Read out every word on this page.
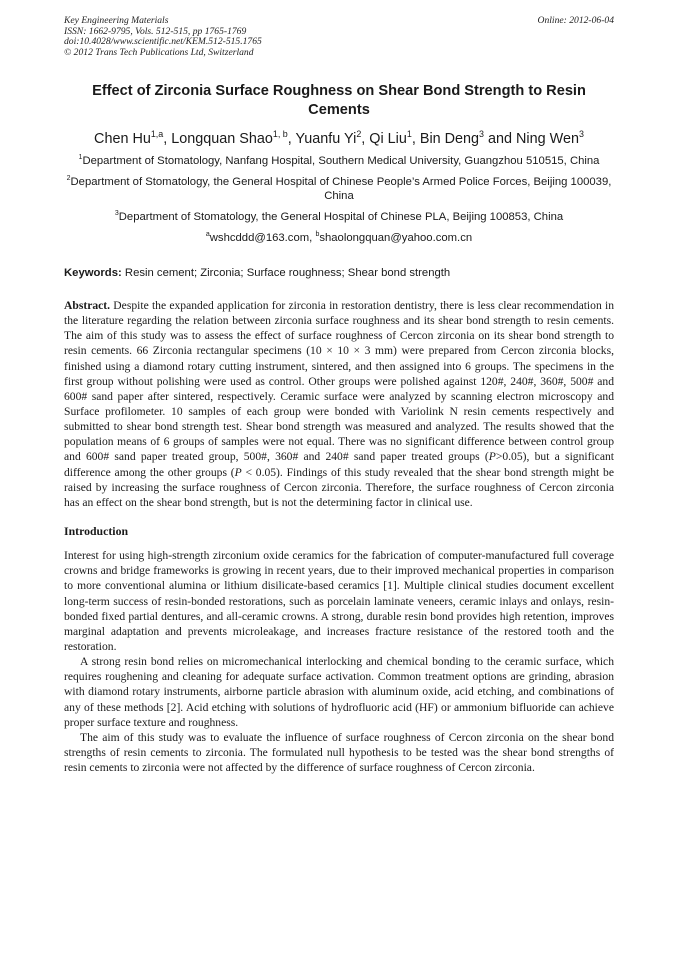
Key Engineering Materials
ISSN: 1662-9795, Vols. 512-515, pp 1765-1769
doi:10.4028/www.scientific.net/KEM.512-515.1765
© 2012 Trans Tech Publications Ltd, Switzerland
Online: 2012-06-04
Effect of Zirconia Surface Roughness on Shear Bond Strength to Resin Cements
Chen Hu$^{1,a}$, Longquan Shao$^{1, b}$, Yuanfu Yi$^2$, Qi Liu$^1$, Bin Deng$^3$ and Ning Wen$^3$
$^1$Department of Stomatology, Nanfang Hospital, Southern Medical University, Guangzhou 510515, China
$^2$Department of Stomatology, the General Hospital of Chinese People’s Armed Police Forces, Beijing 100039, China
$^3$Department of Stomatology, the General Hospital of Chinese PLA, Beijing 100853, China
$^a$wshcddd@163.com, $^b$shaolongquan@yahoo.com.cn
Keywords: Resin cement; Zirconia; Surface roughness; Shear bond strength
Abstract. Despite the expanded application for zirconia in restoration dentistry, there is less clear recommendation in the literature regarding the relation between zirconia surface roughness and its shear bond strength to resin cements. The aim of this study was to assess the effect of surface roughness of Cercon zirconia on its shear bond strength to resin cements. 66 Zirconia rectangular specimens (10 × 10 × 3 mm) were prepared from Cercon zirconia blocks, finished using a diamond rotary cutting instrument, sintered, and then assigned into 6 groups. The specimens in the first group without polishing were used as control. Other groups were polished against 120#, 240#, 360#, 500# and 600# sand paper after sintered, respectively. Ceramic surface were analyzed by scanning electron microscopy and Surface profilometer. 10 samples of each group were bonded with Variolink N resin cements respectively and submitted to shear bond strength test. Shear bond strength was measured and analyzed. The results showed that the population means of 6 groups of samples were not equal. There was no significant difference between control group and 600# sand paper treated group, 500#, 360# and 240# sand paper treated groups (P>0.05), but a significant difference among the other groups (P < 0.05). Findings of this study revealed that the shear bond strength might be raised by increasing the surface roughness of Cercon zirconia. Therefore, the surface roughness of Cercon zirconia has an effect on the shear bond strength, but is not the determining factor in clinical use.
Introduction

Interest for using high-strength zirconium oxide ceramics for the fabrication of computer-manufactured full coverage crowns and bridge frameworks is growing in recent years, due to their improved mechanical properties in comparison to more conventional alumina or lithium disilicate-based ceramics [1]. Multiple clinical studies document excellent long-term success of resin-bonded restorations, such as porcelain laminate veneers, ceramic inlays and onlays, resin-bonded fixed partial dentures, and all-ceramic crowns. A strong, durable resin bond provides high retention, improves marginal adaptation and prevents microleakage, and increases fracture resistance of the restored tooth and the restoration.

A strong resin bond relies on micromechanical interlocking and chemical bonding to the ceramic surface, which requires roughening and cleaning for adequate surface activation. Common treatment options are grinding, abrasion with diamond rotary instruments, airborne particle abrasion with aluminum oxide, acid etching, and combinations of any of these methods [2]. Acid etching with solutions of hydrofluoric acid (HF) or ammonium bifluoride can achieve proper surface texture and roughness.

The aim of this study was to evaluate the influence of surface roughness of Cercon zirconia on the shear bond strengths of resin cements to zirconia. The formulated null hypothesis to be tested was the shear bond strengths of resin cements to zirconia were not affected by the difference of surface roughness of Cercon zirconia.
